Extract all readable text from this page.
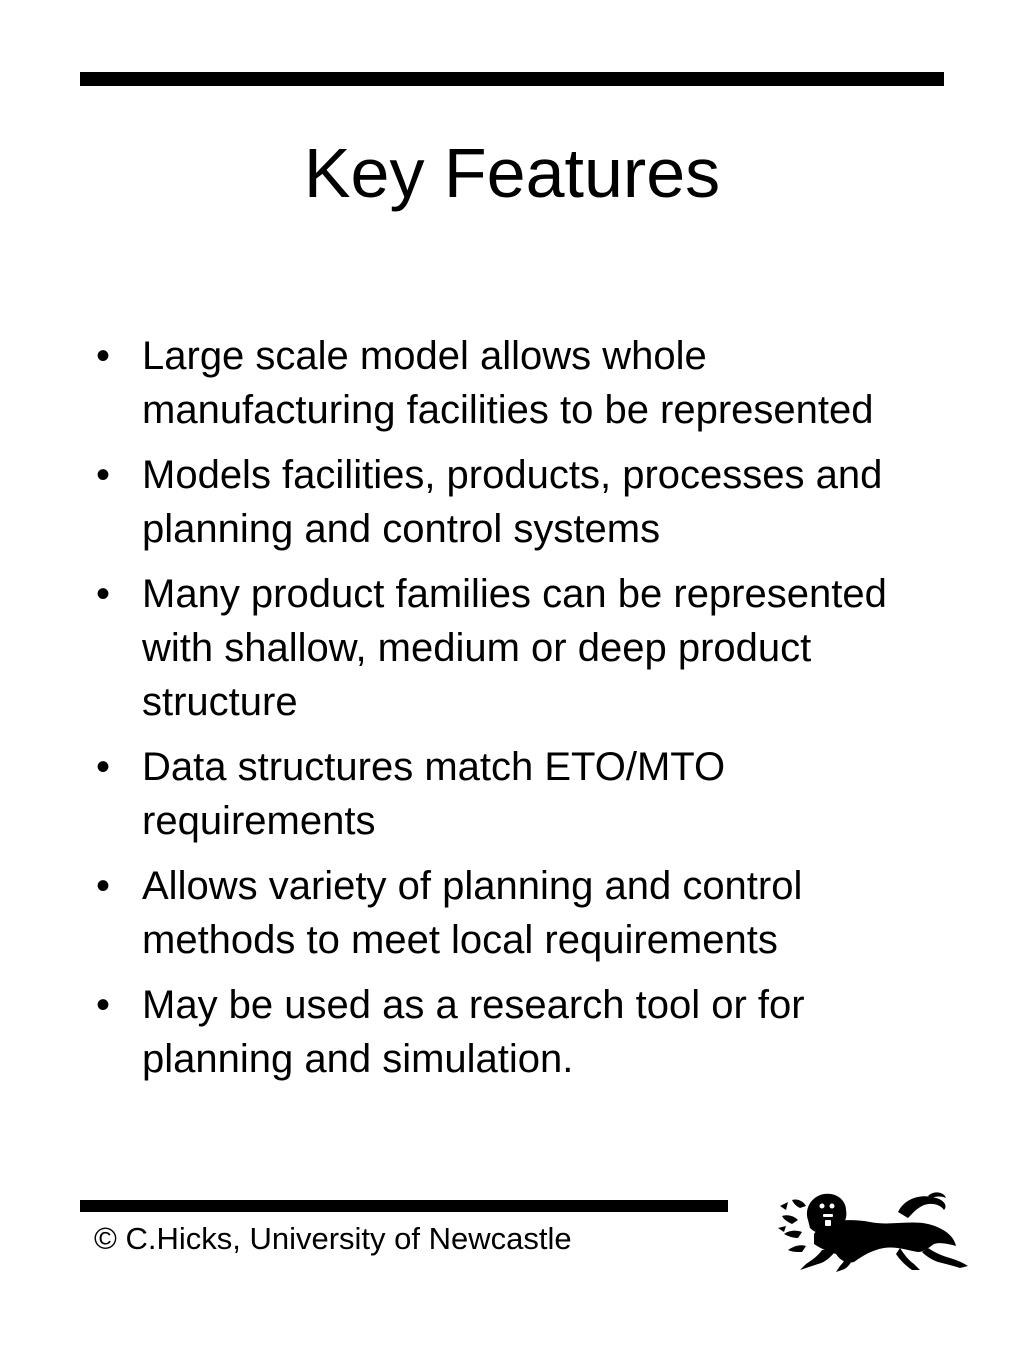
Key Features
• Large scale model allows whole manufacturing facilities to be represented
• Models facilities, products, processes and planning and control systems
• Many product families can be represented with shallow, medium or deep product structure
• Data structures match ETO/MTO requirements
• Allows variety of planning and control methods to meet local requirements
• May be used as a research tool or for planning and simulation.
© C.Hicks, University of Newcastle
